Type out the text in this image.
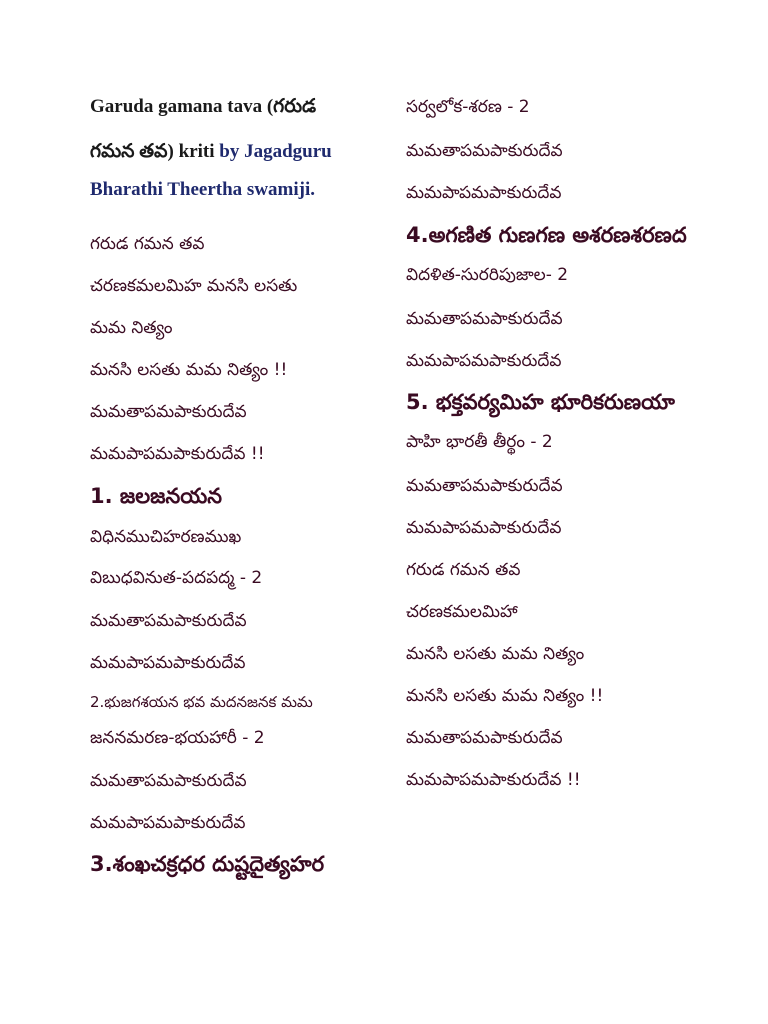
Garuda gamana tava (గరుడ
గమన తవ) kriti by Jagadguru
Bharathi Theertha swamiji.
గరుడ గమన తవ
చరణకమలమిహ మనసి లసతు
మమ నిత్యం
మనసి లసతు మమ నిత్యం !!
మమతాపమపాకురుదేవ
మమపాపమపాకురుదేవ !!
1. జలజనయన
విధినముచిహరణముఖ
విబుధవినుత-పదపద్మ - 2
మమతాపమపాకురుదేవ
మమపాపమపాకురుదేవ
2.భుజగశయన భవ మదనజనక మమ
జననమరణ-భయహారీ - 2
మమతాపమపాకురుదేవ
మమపాపమపాకురుదేవ
3.శంఖచక్రధర దుష్టదైత్యహర
సర్వలోక-శరణ - 2
మమతాపమపాకురుదేవ
మమపాపమపాకురుదేవ
4.అగణిత గుణగణ అశరణశరణద
విదళిత-సురరిపుజాల- 2
మమతాపమపాకురుదేవ
మమపాపమపాకురుదేవ
5. భక్తవర్యమిహ భూరికరుణయా
పాహి భారతీ తీర్థం - 2
మమతాపమపాకురుదేవ
మమపాపమపాకురుదేవ
గరుడ గమన తవ
చరణకమలమిహా
మనసి లసతు మమ నిత్యం
మనసి లసతు మమ నిత్యం !!
మమతాపమపాకురుదేవ
మమపాపమపాకురుదేవ !!
